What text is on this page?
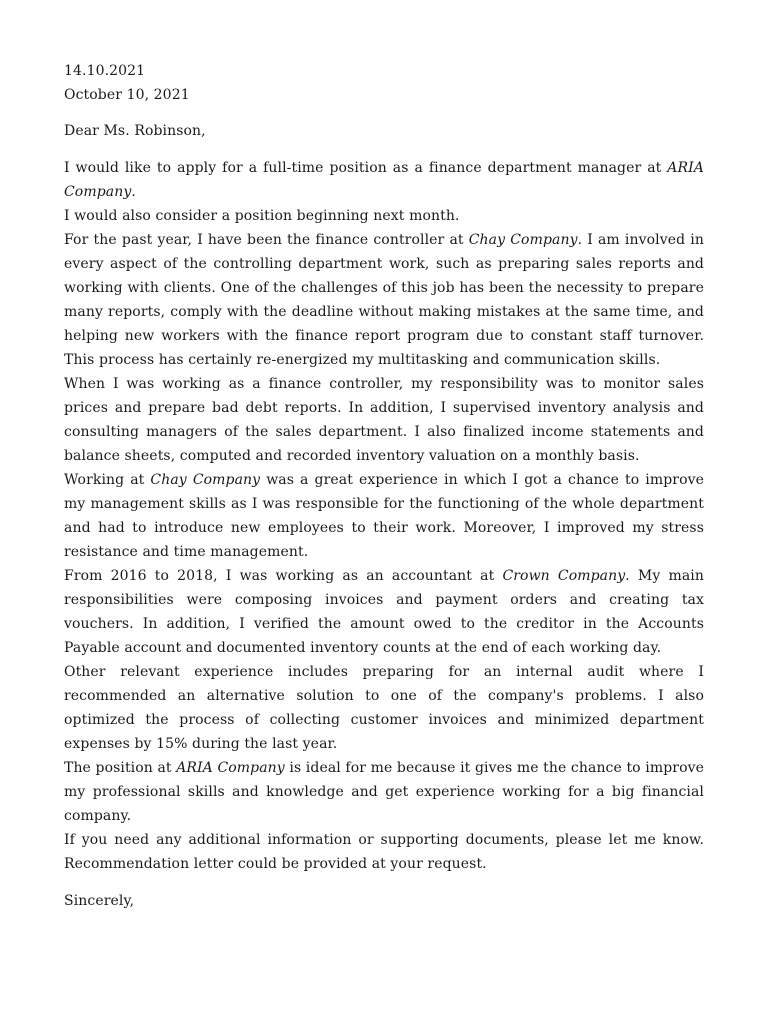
14.10.2021

October 10, 2021

Dear Ms. Robinson,

I would like to apply for a full-time position as a finance department manager at ARIA Company.

I would also consider a position beginning next month.

For the past year, I have been the finance controller at Chay Company. I am involved in every aspect of the controlling department work, such as preparing sales reports and working with clients. One of the challenges of this job has been the necessity to prepare many reports, comply with the deadline without making mistakes at the same time, and helping new workers with the finance report program due to constant staff turnover. This process has certainly re-energized my multitasking and communication skills.

When I was working as a finance controller, my responsibility was to monitor sales prices and prepare bad debt reports. In addition, I supervised inventory analysis and consulting managers of the sales department. I also finalized income statements and balance sheets, computed and recorded inventory valuation on a monthly basis.

Working at Chay Company was a great experience in which I got a chance to improve my management skills as I was responsible for the functioning of the whole department and had to introduce new employees to their work. Moreover, I improved my stress resistance and time management.

From 2016 to 2018, I was working as an accountant at Crown Company. My main responsibilities were composing invoices and payment orders and creating tax vouchers. In addition, I verified the amount owed to the creditor in the Accounts Payable account and documented inventory counts at the end of each working day.

Other relevant experience includes preparing for an internal audit where I recommended an alternative solution to one of the company's problems. I also optimized the process of collecting customer invoices and minimized department expenses by 15% during the last year.

The position at ARIA Company is ideal for me because it gives me the chance to improve my professional skills and knowledge and get experience working for a big financial company.

If you need any additional information or supporting documents, please let me know. Recommendation letter could be provided at your request.

Sincerely,
